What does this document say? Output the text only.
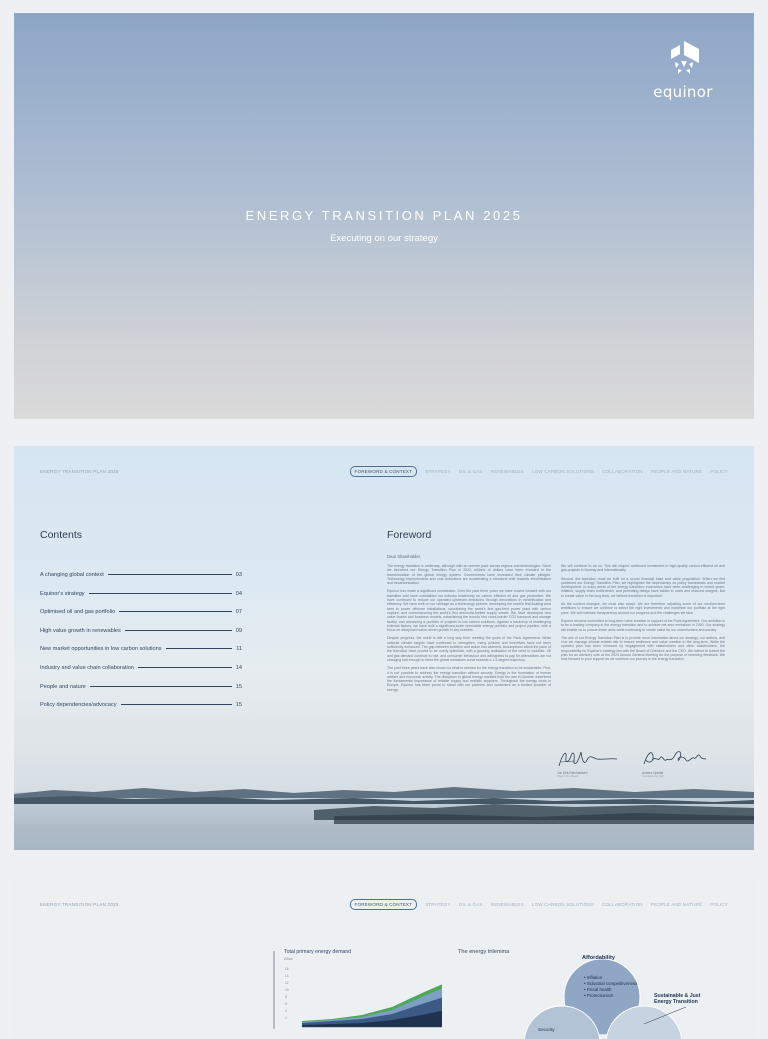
equinor
ENERGY TRANSITION PLAN 2025
Executing on our strategy
ENERGY TRANSITION PLAN 2025	FOREWORD & CONTEXT	STRATEGY OIL & GAS RENEWABLES LOW CARBON SOLUTIONS COLLABORATION PEOPLE AND NATURE POLICY
Contents
A changing global context	03
Equinor's strategy	04
Optimised oil and gas portfolio	07
High value growth in renewables	09
New market opportunities in low carbon solutions	11
Industry and value chain collaboration	14
People and nature	15
Policy dependencies/advocacy	15
Foreword
Dear Shareholder,

The energy transition is underway, although with an uneven pace across regions and technologies. Since we launched our Energy Transition Plan in 2022, trillions of dollars have been invested in the transformation of the global energy system. Governments have increased their climate pledges. Technology improvements and cost reductions are accelerating a structural shift towards electrification and decarbonisation.

Equinor has made a significant contribution. Over the past three years we have moved forward with our transition and have maintained our industry leadership on carbon efficient oil and gas production. We have continued to reduce our operated upstream emissions through innovations in electrification and efficiency. We have built on our heritage as a technology pioneer, developing the world's first floating wind farm to power offshore installations, sanctioning the world's first gas-fired power plant with carbon capture, and commissioning the world's first ammonia-fuelled supply vessel. We have developed new value chains and business models, establishing the world's first cross-border CO2 transport and storage facility, and advancing a portfolio of projects in low carbon solutions. Against a backdrop of challenging external factors, we have built a significant-scale renewable energy portfolio and project pipeline, with a focus on disciplined value-driven growth in key markets.

Despite progress, the world is still a long way from meeting the goals of the Paris Agreement. While national climate targets have continued to strengthen, many policies and incentives have not been sufficiently enhanced. The gap between ambition and action has widened. Assumptions about the pace of the transition have proved to be overly optimistic, with a growing realisation of the need to mobilise. Oil and gas demand continue to rise, and consumer behaviour and willingness to pay for alternatives are not changing fast enough to bend the global emissions curve towards a 1.5-degree trajectory.

The past three years have also shown us what is needed for the energy transition to be sustainable. First, it is not possible to address the energy transition without security. Energy is the foundation of human welfare and economic activity. The disruption to global energy markets from the war in Ukraine underlined the fundamental importance of reliable supply and realistic suppliers. Throughout the energy crisis in Europe, Equinor has been proud to stand with our partners and customers as a trusted provider of energy.

We will continue to do so. This will require continued investment in high-quality carbon-efficient oil and gas projects in Norway and internationally.

Second, the transition must be built on a sound financial base and value proposition. When we first published our Energy Transition Plan, we highlighted the dependency on policy frameworks and market development. In many areas of the energy transition, economics have been challenging in recent years: inflation, supply chain bottlenecks, and permitting delays have added to costs and reduced margins. But to create value in the long term, we believe transition is important.

As the context changes, we must also adapt. We are therefore adjusting some of our medium-term ambitions to ensure we continue to select the right investments and maximise our portfolio at the right pace. We will maintain transparency around our progress and the challenges we face.

Equinor remains committed to long-term value creation in support of the Paris Agreement. Our ambition is to be a leading company in the energy transition and to achieve net zero emissions in 2050. Our strategy will enable us to pursue these aims while continuing to create value for our shareholders and society.

The aim of our Energy Transition Plan is to provide more information about our strategy, our actions, and how we manage climate-related risk to ensure resilience and value creation in the long-term. While the updated plan has been informed by engagement with stakeholders and other stakeholders, the responsibility for Equinor's strategy lies with the Board of Directors and the CEO. We intend to submit the plan for an advisory vote at the 2025 Annual General Meeting for the purpose of receiving feedback. We look forward to your support as we continue our journey in the energy transition.

Jon Erik Reinhardsen
Chair of the Board
Anders Opedal
President and CEO
ENERGY TRANSITION PLAN 2025	FOREWORD & CONTEXT	STRATEGY OIL & GAS RENEWABLES LOW CARBON SOLUTIONS COLLABORATION PEOPLE AND NATURE POLICY
Total primary energy demand
Gtoe
16
14
12
10
8
6
4
2
The energy trilemma
Affordability
• Inflation
• Industrial competitiveness
• Fiscal health
• Protectionism	Sustainable & Just Energy Transition
Security
